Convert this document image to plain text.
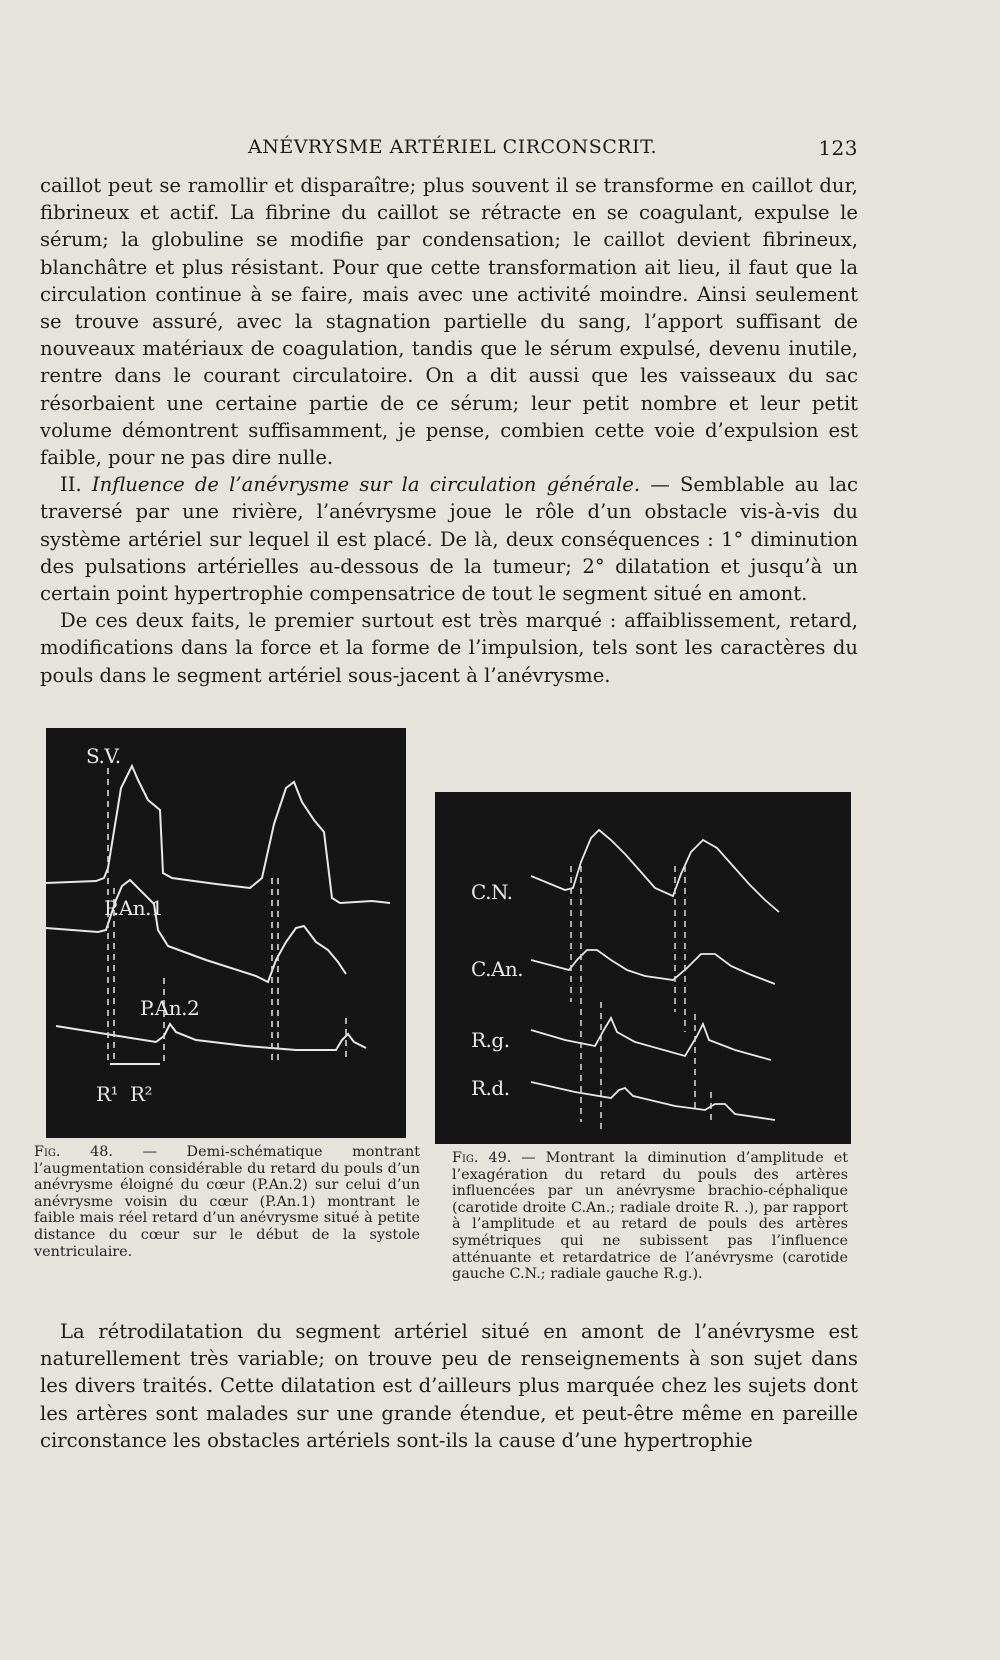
ANÉVRYSME ARTÉRIEL CIRCONSCRIT.	123

caillot peut se ramollir et disparaître; plus souvent il se transforme en caillot dur, fibrineux et actif. La fibrine du caillot se rétracte en se coagulant, expulse le sérum; la globuline se modifie par condensation; le caillot devient fibrineux, blanchâtre et plus résistant. Pour que cette transformation ait lieu, il faut que la circulation continue à se faire, mais avec une activité moindre. Ainsi seulement se trouve assuré, avec la stagnation partielle du sang, l’apport suffisant de nouveaux matériaux de coagulation, tandis que le sérum expulsé, devenu inutile, rentre dans le courant circulatoire. On a dit aussi que les vaisseaux du sac résorbaient une certaine partie de ce sérum; leur petit nombre et leur petit volume démontrent suffisamment, je pense, combien cette voie d’expulsion est faible, pour ne pas dire nulle.

II. Influence de l’anévrysme sur la circulation générale. — Semblable au lac traversé par une rivière, l’anévrysme joue le rôle d’un obstacle vis-à-vis du système artériel sur lequel il est placé. De là, deux conséquences : 1° diminution des pulsations artérielles au-dessous de la tumeur; 2° dilatation et jusqu’à un certain point hypertrophie compensatrice de tout le segment situé en amont.

De ces deux faits, le premier surtout est très marqué : affaiblissement, retard, modifications dans la force et la forme de l’impulsion, tels sont les caractères du pouls dans le segment artériel sous-jacent à l’anévrysme.

S.V.
P.An.1
P.An.2
R¹ R²
Fig. 48. — Demi-schématique montrant l’augmentation considérable du retard du pouls d’un anévrysme éloigné du cœur (P.An.2) sur celui d’un anévrysme voisin du cœur (P.An.1) montrant le faible mais réel retard d’un anévrysme situé à petite distance du cœur sur le début de la systole ventriculaire.
C.N.
C.An.
R.g.
R.d.
Fig. 49. — Montrant la diminution d’amplitude et l’exagération du retard du pouls des artères influencées par un anévrysme brachio-céphalique (carotide droite C.An.; radiale droite R. .), par rapport à l’amplitude et au retard de pouls des artères symétriques qui ne subissent pas l’influence atténuante et retardatrice de l’anévrysme (carotide gauche C.N.; radiale gauche R.g.).

La rétrodilatation du segment artériel situé en amont de l’anévrysme est naturellement très variable; on trouve peu de renseignements à son sujet dans les divers traités. Cette dilatation est d’ailleurs plus marquée chez les sujets dont les artères sont malades sur une grande étendue, et peut-être même en pareille circonstance les obstacles artériels sont-ils la cause d’une hypertrophie
